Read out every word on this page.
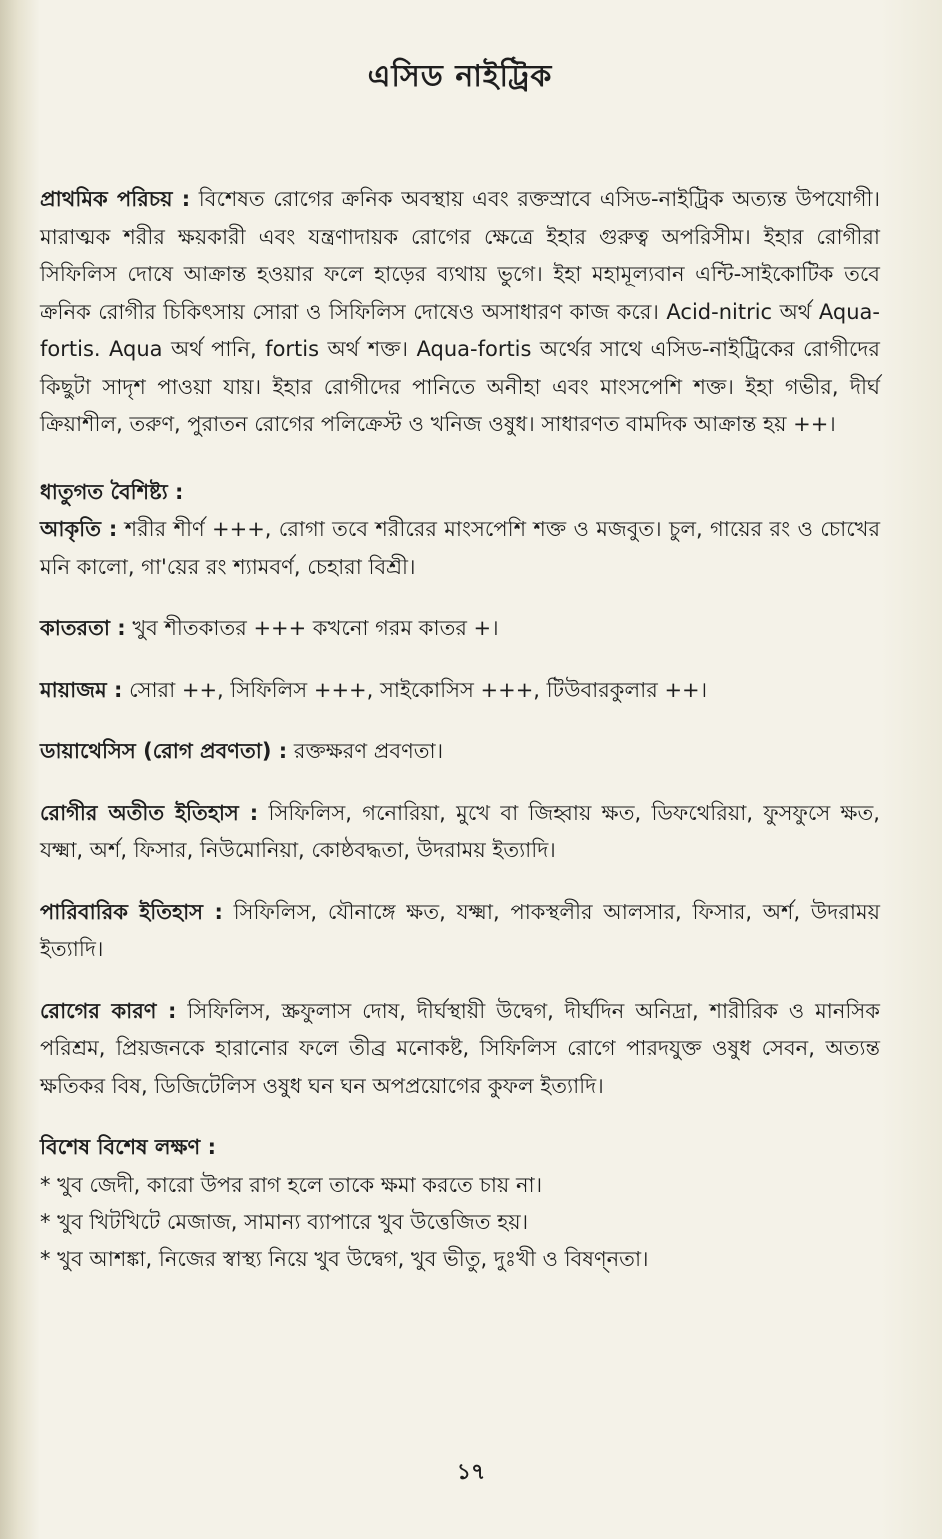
এসিড নাইট্রিক

প্রাথমিক পরিচয় : বিশেষত রোগের ক্রনিক অবস্থায় এবং রক্তস্রাবে এসিড-নাইট্রিক অত্যন্ত উপযোগী। মারাত্মক শরীর ক্ষয়কারী এবং যন্ত্রণাদায়ক রোগের ক্ষেত্রে ইহার গুরুত্ব অপরিসীম। ইহার রোগীরা সিফিলিস দোষে আক্রান্ত হওয়ার ফলে হাড়ের ব্যথায় ভুগে। ইহা মহামূল্যবান এন্টি-সাইকোটিক তবে ক্রনিক রোগীর চিকিৎসায় সোরা ও সিফিলিস দোষেও অসাধারণ কাজ করে। Acid-nitric অর্থ Aqua-fortis. Aqua অর্থ পানি, fortis অর্থ শক্ত। Aqua-fortis অর্থের সাথে এসিড-নাইট্রিকের রোগীদের কিছুটা সাদৃশ পাওয়া যায়। ইহার রোগীদের পানিতে অনীহা এবং মাংসপেশি শক্ত। ইহা গভীর, দীর্ঘ ক্রিয়াশীল, তরুণ, পুরাতন রোগের পলিক্রেস্ট ও খনিজ ওষুধ। সাধারণত বামদিক আক্রান্ত হয় ++।

ধাতুগত বৈশিষ্ট্য :

আকৃতি : শরীর শীর্ণ +++, রোগা তবে শরীরের মাংসপেশি শক্ত ও মজবুত। চুল, গায়ের রং ও চোখের মনি কালো, গা'য়ের রং শ্যামবর্ণ, চেহারা বিশ্রী।

কাতরতা : খুব শীতকাতর +++ কখনো গরম কাতর +।

মায়াজম : সোরা ++, সিফিলিস +++, সাইকোসিস +++, টিউবারকুলার ++।

ডায়াথেসিস (রোগ প্রবণতা) : রক্তক্ষরণ প্রবণতা।

রোগীর অতীত ইতিহাস : সিফিলিস, গনোরিয়া, মুখে বা জিহ্বায় ক্ষত, ডিফথেরিয়া, ফুসফুসে ক্ষত, যক্ষ্মা, অর্শ, ফিসার, নিউমোনিয়া, কোষ্ঠবদ্ধতা, উদরাময় ইত্যাদি।

পারিবারিক ইতিহাস : সিফিলিস, যৌনাঙ্গে ক্ষত, যক্ষ্মা, পাকস্থলীর আলসার, ফিসার, অর্শ, উদরাময় ইত্যাদি।

রোগের কারণ : সিফিলিস, স্ক্রফুলাস দোষ, দীর্ঘস্থায়ী উদ্বেগ, দীর্ঘদিন অনিদ্রা, শারীরিক ও মানসিক পরিশ্রম, প্রিয়জনকে হারানোর ফলে তীব্র মনোকষ্ট, সিফিলিস রোগে পারদযুক্ত ওষুধ সেবন, অত্যন্ত ক্ষতিকর বিষ, ডিজিটেলিস ওষুধ ঘন ঘন অপপ্রয়োগের কুফল ইত্যাদি।

বিশেষ বিশেষ লক্ষণ :

* খুব জেদী, কারো উপর রাগ হলে তাকে ক্ষমা করতে চায় না।
* খুব খিটখিটে মেজাজ, সামান্য ব্যাপারে খুব উত্তেজিত হয়।
* খুব আশঙ্কা, নিজের স্বাস্থ্য নিয়ে খুব উদ্বেগ, খুব ভীতু, দুঃখী ও বিষণ্নতা।
১৭
